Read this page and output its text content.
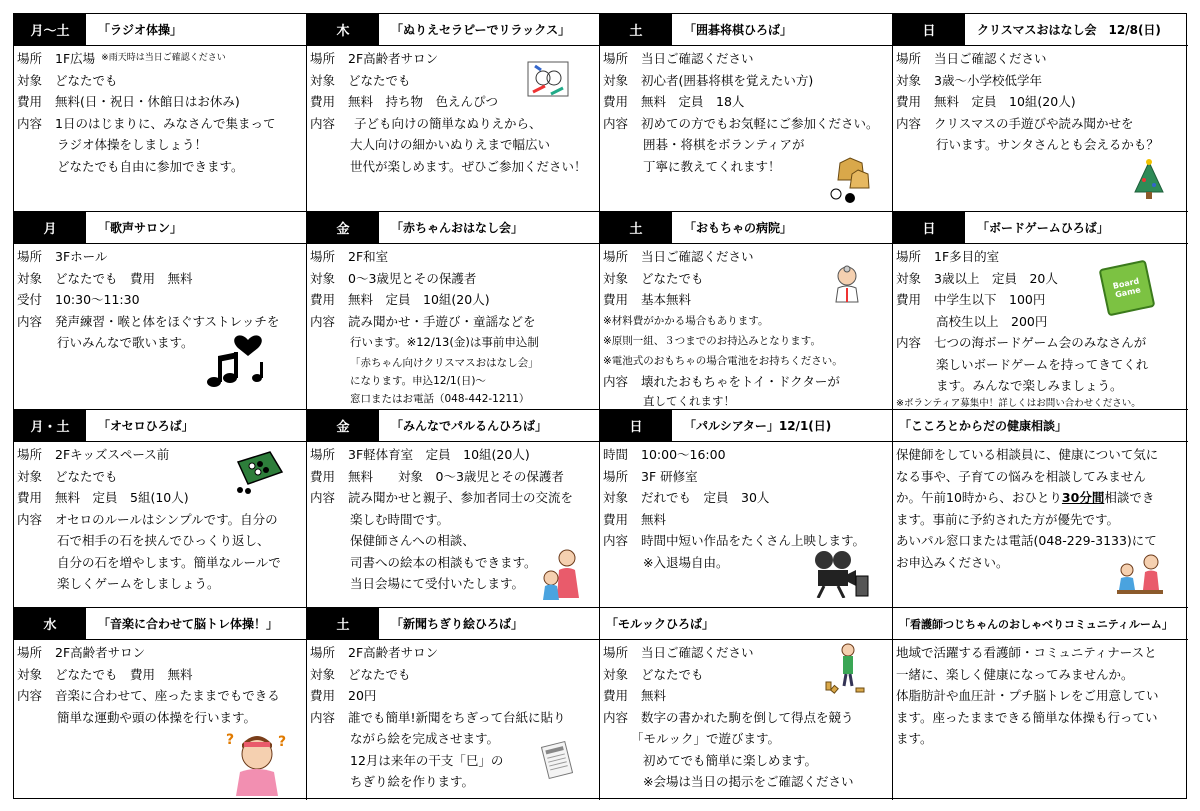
月～土	「ラジオ体操」
場所	1F広場 ※雨天時は当日ご確認ください
対象	どなたでも
費用	無料(日・祝日・休館日はお休み)
内容	1日のはじまりに、みなさんで集まって
ラジオ体操をしましょう！
どなたでも自由に参加できます。
木	「ぬりえセラピーでリラックス」
場所	2F高齢者サロン
対象	どなたでも
費用	無料　持ち物　色えんぴつ
内容	子ども向けの簡単なぬりえから、
大人向けの細かいぬりえまで幅広い
世代が楽しめます。ぜひご参加ください！
土	「囲碁将棋ひろば」
場所	当日ご確認ください
対象	初心者(囲碁将棋を覚えたい方)
費用	無料　定員　18人
内容	初めての方でもお気軽にご参加ください。
囲碁・将棋をボランティアが
丁寧に教えてくれます！
日	クリスマスおはなし会　12/8(日)
場所	当日ご確認ください
対象	3歳～小学校低学年
費用	無料　定員　10組(20人)
内容	クリスマスの手遊びや読み聞かせを
行います。サンタさんとも会えるかも？
月	「歌声サロン」
場所	3Fホール
対象	どなたでも　費用　無料
受付	10:30～11:30
内容	発声練習・喉と体をほぐすストレッチを
行いみんなで歌います。
金	「赤ちゃんおはなし会」
場所	2F和室
対象	0～3歳児とその保護者
費用	無料　定員　10組(20人)
内容	読み聞かせ・手遊び・童謡などを
行います。※12/13(金)は事前申込制
「赤ちゃん向けクリスマスおはなし会」
になります。申込12/1(日)～
窓口またはお電話（048-442-1211）
土	「おもちゃの病院」
場所	当日ご確認ください
対象	どなたでも
費用	基本無料
※材料費がかかる場合もあります。
※原則一組、３つまでのお持込みとなります。
※電池式のおもちゃの場合電池をお持ちください。
内容	壊れたおもちゃをトイ・ドクターが
直してくれます！
日	「ボードゲームひろば」
場所	1F多目的室
対象	3歳以上　定員　20人
費用	中学生以下　100円
高校生以上　200円
内容	七つの海ボードゲーム会のみなさんが
楽しいボードゲームを持ってきてくれ
ます。みんなで楽しみましょう。
※ボランティア募集中！詳しくはお問い合わせください。
Board Game
月・土	「オセロひろば」
場所	2Fキッズスペース前
対象	どなたでも
費用	無料　定員　5組(10人)
内容	オセロのルールはシンプルです。自分の
石で相手の石を挟んでひっくり返し、
自分の石を増やします。簡単なルールで
楽しくゲームをしましょう。
金	「みんなでパルるんひろば」
場所	3F軽体育室　定員　10組(20人)
費用	無料　　対象　0～3歳児とその保護者
内容	読み聞かせと親子、参加者同士の交流を
楽しむ時間です。
保健師さんへの相談、
司書への絵本の相談もできます。
当日会場にて受付いたします。
日	「パルシアター」12/1(日)
時間	10:00～16:00
場所	3F 研修室
対象	だれでも　定員　30人
費用	無料
内容	時間中短い作品をたくさん上映します。
※入退場自由。
「こころとからだの健康相談」
保健師をしている相談員に、健康について気に
なる事や、子育ての悩みを相談してみません
か。午前10時から、おひとり30分間相談でき
ます。事前に予約された方が優先です。
あいパル窓口または電話(048-229-3133)にて
お申込みください。
水	「音楽に合わせて脳トレ体操！」
場所	2F高齢者サロン
対象	どなたでも　費用　無料
内容	音楽に合わせて、座ったままでもできる
簡単な運動や頭の体操を行います。
?	?
土	「新聞ちぎり絵ひろば」
場所	2F高齢者サロン
対象	どなたでも
費用	20円
内容	誰でも簡単!新聞をちぎって台紙に貼り
ながら絵を完成させます。
12月は来年の干支「巳」の
ちぎり絵を作ります。
「モルックひろば」
場所	当日ご確認ください
対象	どなたでも
費用	無料
内容	数字の書かれた駒を倒して得点を競う
「モルック」で遊びます。
初めてでも簡単に楽しめます。
※会場は当日の掲示をご確認ください
「看護師つじちゃんのおしゃべりコミュニティルーム」
地域で活躍する看護師・コミュニティナースと
一緒に、楽しく健康になってみませんか。
体脂肪計や血圧計・プチ脳トレをご用意してい
ます。座ったままできる簡単な体操も行ってい
ます。
